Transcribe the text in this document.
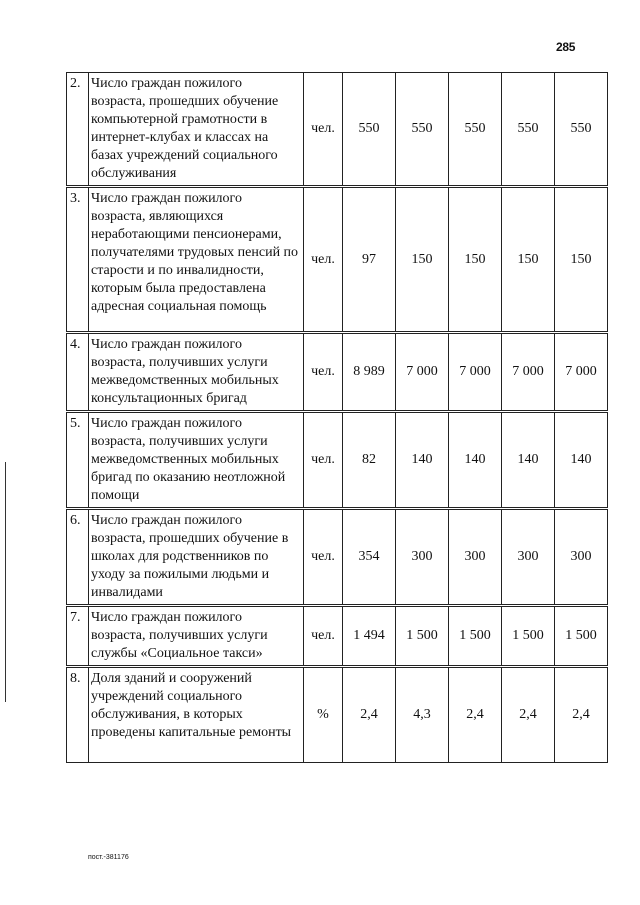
285
2.	Число граждан пожилого возраста, прошедших обучение компьютерной грамотности в интернет-клубах и классах на базах учреждений социального обслуживания	чел.	550	550	550	550	550
3.	Число граждан пожилого возраста, являющихся неработающими пенсионерами, получателями трудовых пенсий по старости и по инвалидности, которым была предоставлена адресная социальная помощь	чел.	97	150	150	150	150
4.	Число граждан пожилого возраста, получивших услуги межведомственных мобильных консультационных бригад	чел.	8 989	7 000	7 000	7 000	7 000
5.	Число граждан пожилого возраста, получивших услуги межведомственных мобильных бригад по оказанию неотложной помощи	чел.	82	140	140	140	140
6.	Число граждан пожилого возраста, прошедших обучение в школах для родственников по уходу за пожилыми людьми и инвалидами	чел.	354	300	300	300	300
7.	Число граждан пожилого возраста, получивших услуги службы «Социальное такси»	чел.	1 494	1 500	1 500	1 500	1 500
8.	Доля зданий и сооружений учреждений социального обслуживания, в которых проведены капитальные ремонты	%	2,4	4,3	2,4	2,4	2,4
пост.-381176
